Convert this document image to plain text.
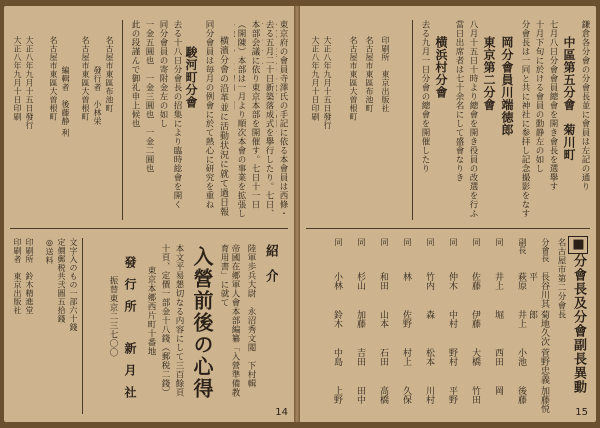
東京府の會員寺澤氏の手記に依る本會員は西條・
去る五月二十日新築落成式を擧行したり。七日、
本部会議に依り東京本部を開催す。七日十一日
（開陳）本部は一月より順次本會の事業を拡張し
横濱分會の沿革並に活動状況に就て過日報
同分會員は毎月の例會に於て熱心に研究を重ね
駿河町分會
去る十八日分會長の招集により臨時総會を開く
同分會員の寄附金左の如し
一金五圓也　一金三圓也　一金二圓也
此の段謹んで御礼申上候也
大正八年九月十日印刷 大正八年九月十五日發行 名古屋市東區大曽根町 編輯者　後藤静 利 名古屋市東區大曽根町 發行者　小林栄 名古屋市東區布池町
印刷者　東京出版社 印刷所　鈴木精進堂 ◎送料 定價郵税共弐圓五拾錢 文字入のもの一部六十錢	紹介
陸軍歩兵大尉　永沼秀文閲　下村輯
帝國在郷軍人會本部編纂「入營準備教育用書」に就て
入營前後の心得
本文平易懇切なる内容にして三百餘頁
十頁、定價一部金十八錢（郵税二錢）
東京本郷西片町十番地
發行所
新月社
振替東京二三七〇〇
14
鎌倉各分會の分會長並に會員は左記の通り
中區第五分會　菊川町
七月八日分會會員總會を開き會長を選擧す
十月下旬に於ける會員の動静左の如し
分會長は一同と共に神社に参拝し記念撮影をなす
岡分會員川端徳郎
東京第二分會
八月十五日十時より總會を開き役員の改選を行ふ
當日出席者は七十余名にして盛會なりき
横浜村分會
去る九月一日分會の總會を開催したり
大正八年九月十日印刷 大正八年九月十五日發行 名古屋市東區大曽根町 名古屋市東區布池町 印刷所　東京出版社
■分會長及分會副長異動
名古屋市第二分會長
分會長
長谷川其平
菊地久次郎
菅野忠義
加藤悦
副長
萩原
井上
小池
後藤
同
井上
堀
西田
岡
同
佐藤
伊藤
大橋
竹田
同
仲木
中村
野村
平野
同
竹内
森
松本
川村
同
林
佐野
村上
久保
同
和田
山本
石田
高橋
同
杉山
加藤
吉田
田中
同
小林
鈴木
中島
上野
15
